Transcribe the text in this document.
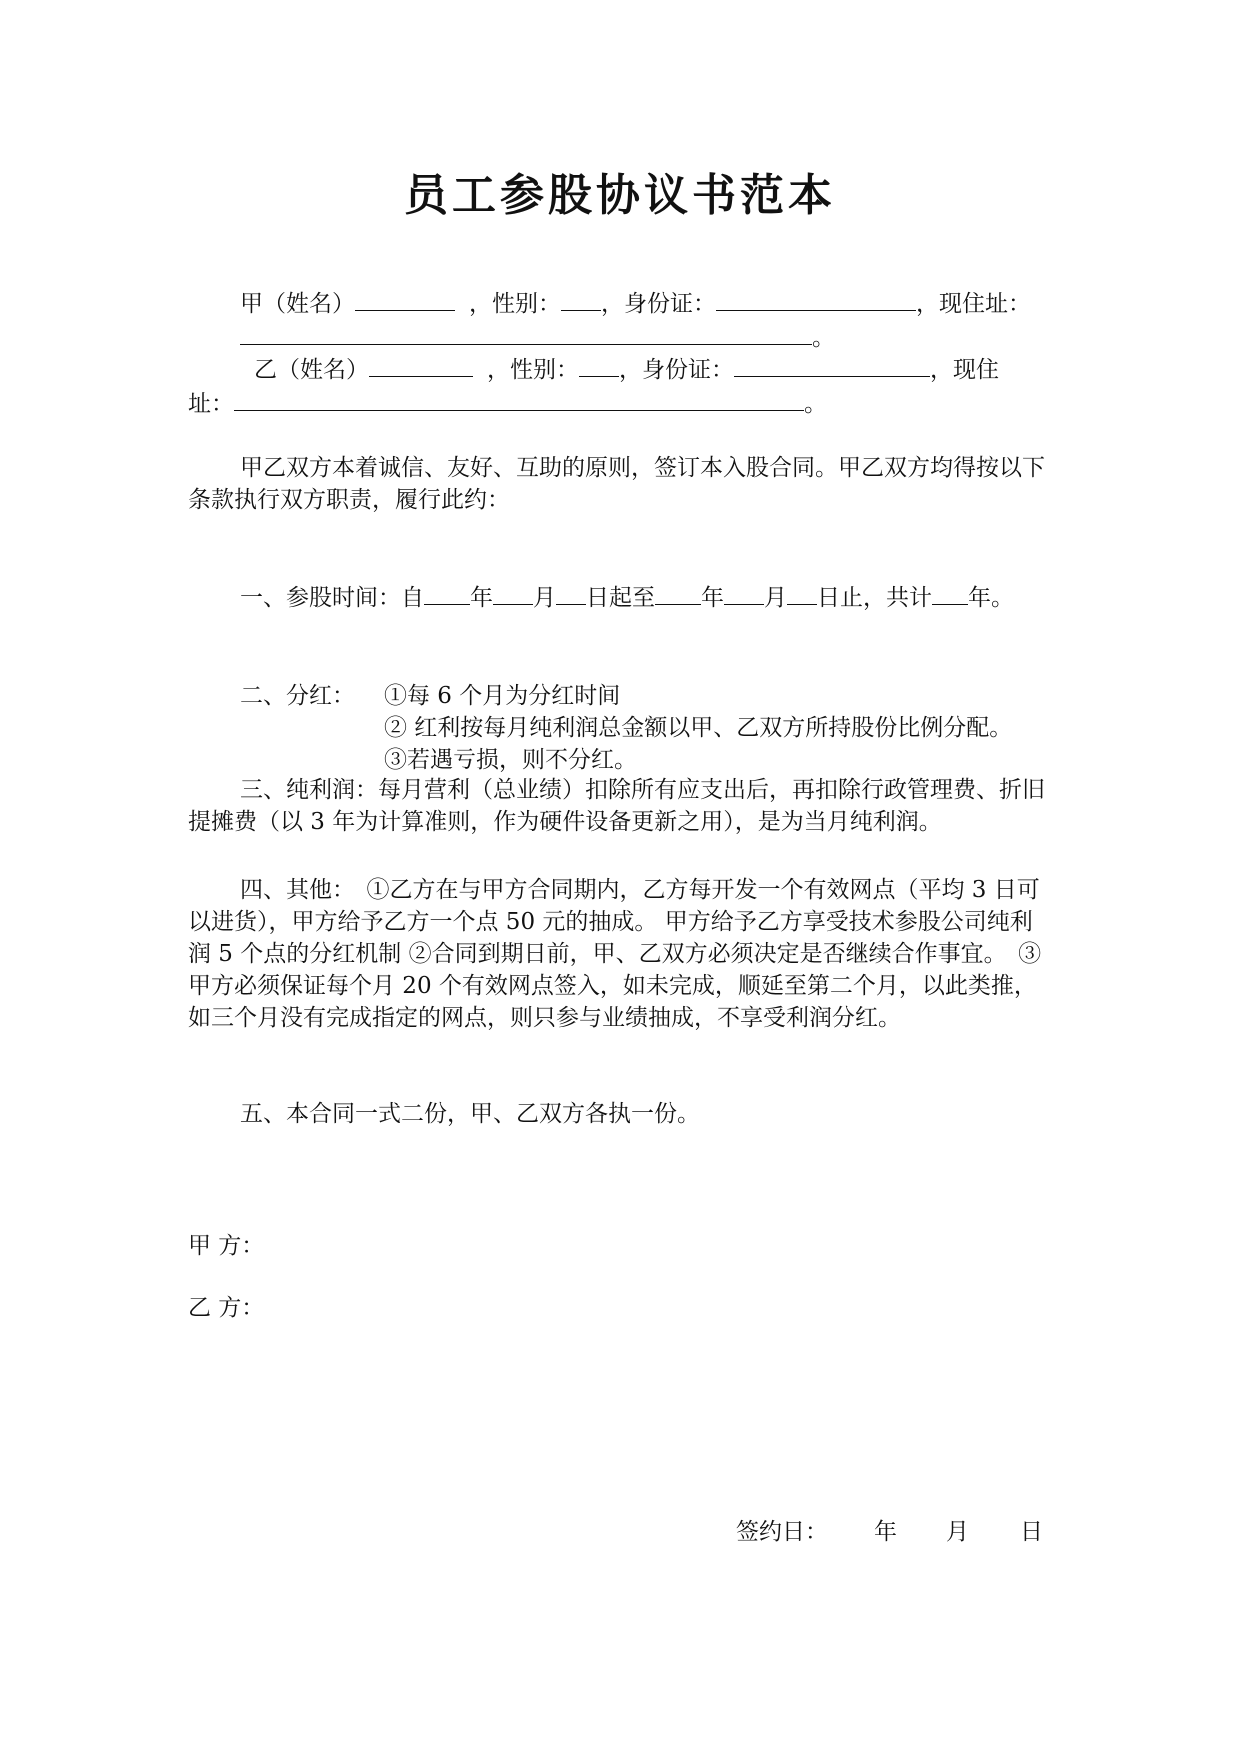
员工参股协议书范本
甲（姓名）	，性别： ，身份证：	，现住址：
。
乙（姓名）	，性别： ，身份证：	，现住
址：	。
甲乙双方本着诚信、友好、互助的原则，签订本入股合同。甲乙双方均得按以下条款执行双方职责，履行此约：
一、参股时间：自 年 月 日起至 年 月 日止，共计 年。
二、分红： ①每 6 个月为分红时间
② 红利按每月纯利润总金额以甲、乙双方所持股份比例分配。
③若遇亏损，则不分红。
三、纯利润：每月营利（总业绩）扣除所有应支出后，再扣除行政管理费、折旧提摊费（以 3 年为计算准则，作为硬件设备更新之用），是为当月纯利润。
四、其他：　①乙方在与甲方合同期内，乙方每开发一个有效网点（平均 3 日可以进货），甲方给予乙方一个点 50 元的抽成。 甲方给予乙方享受技术参股公司纯利润 5 个点的分红机制 ②合同到期日前，甲、乙双方必须决定是否继续合作事宜。　③甲方必须保证每个月 20 个有效网点签入，如未完成，顺延至第二个月，以此类推，如三个月没有完成指定的网点，则只参与业绩抽成，不享受利润分红。
五、本合同一式二份，甲、乙双方各执一份。
甲 方：
乙 方：
签约日： 年 月 日
